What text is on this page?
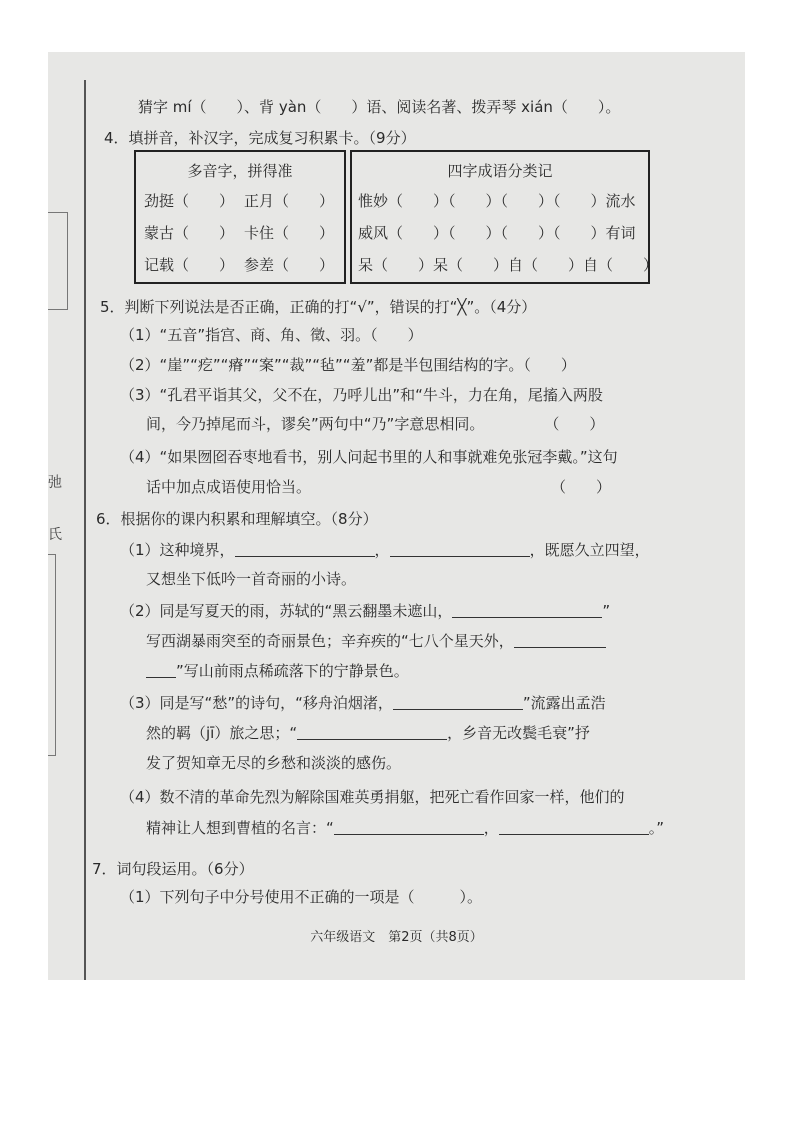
弛
氏
猜字 mí（　　）、背 yàn（　　）语、阅读名著、拨弄琴 xián（　　）。
4．填拼音，补汉字，完成复习积累卡。（9分）
多音字，拼得准
劲挺（　　） 正月（　　）
蒙古（　　） 卡住（　　）
记载（　　） 参差（　　）
四字成语分类记
惟妙（　　）（　　）（　　）（　　）流水
威风（　　）（　　）（　　）（　　）有词
呆（　　）呆（　　）自（　　）自（　　）
5．判断下列说法是否正确，正确的打“√”，错误的打“╳”。（4分）
（1）“五音”指宫、商、角、徵、羽。（　　）
（2）“崖”“疙”“瘠”“案”“裁”“毡”“羞”都是半包围结构的字。（　　）
（3）“孔君平诣其父，父不在，乃呼儿出”和“牛斗，力在角，尾搐入两股
间，今乃掉尾而斗，谬矣”两句中“乃”字意思相同。　　　　　（　　）
（4）“如果囫囵吞枣地看书，别人问起书里的人和事就难免张冠李戴。”这句
话中加点成语使用恰当。　　　　　　　　　　　　　　　　　（　　）
6．根据你的课内积累和理解填空。（8分）
（1）这种境界，	，	，既愿久立四望，
又想坐下低吟一首奇丽的小诗。
（2）同是写夏天的雨，苏轼的“黑云翻墨未遮山，	”
写西湖暴雨突至的奇丽景色；辛弃疾的“七八个星天外，
”写山前雨点稀疏落下的宁静景色。
（3）同是写“愁”的诗句，“移舟泊烟渚，	”流露出孟浩
然的羁（jī）旅之思；“	，乡音无改鬓毛衰”抒
发了贺知章无尽的乡愁和淡淡的感伤。
（4）数不清的革命先烈为解除国难英勇捐躯，把死亡看作回家一样，他们的
精神让人想到曹植的名言：“	，	。”
7．词句段运用。（6分）
（1）下列句子中分号使用不正确的一项是（　　　）。
六年级语文　第2页（共8页）
